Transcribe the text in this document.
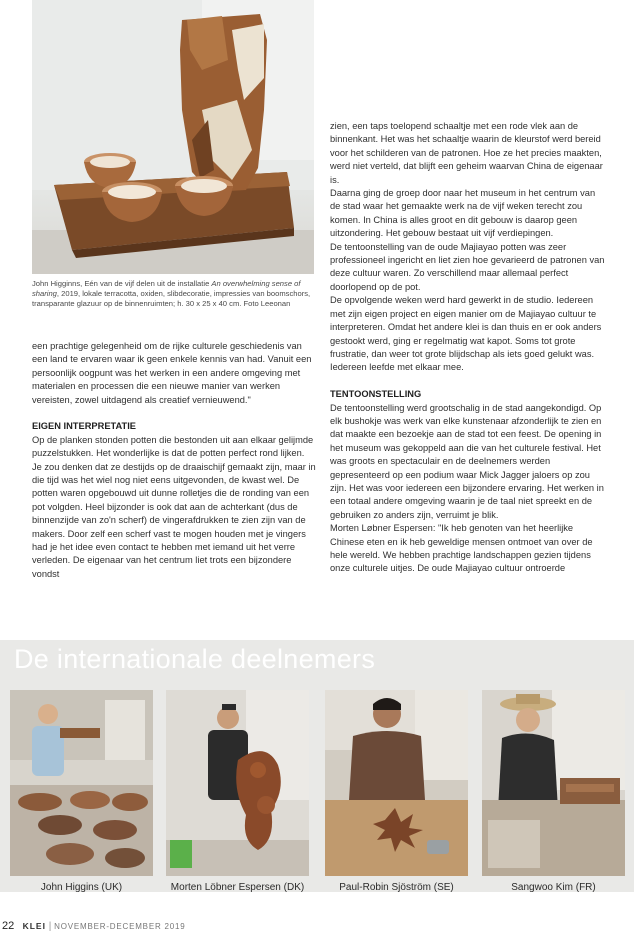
John Higginns, Eén van de vijf delen uit de installatie An overwhelming sense of sharing, 2019, lokale terracotta, oxiden, slibdecoratie, impressies van boomschors, transparante glazuur op de binnenruimten; h. 30 x 25 x 40 cm. Foto Leeonan

een prachtige gelegenheid om de rijke culturele geschiedenis van een land te ervaren waar ik geen enkele kennis van had. Vanuit een persoonlijk oogpunt was het werken in een andere omgeving met materialen en processen die een nieuwe manier van werken vereisten, zowel uitdagend als creatief vernieuwend."

EIGEN INTERPRETATIE

Op de planken stonden potten die bestonden uit aan elkaar gelijmde puzzelstukken. Het wonderlijke is dat de potten perfect rond lijken. Je zou denken dat ze destijds op de draaischijf gemaakt zijn, maar in die tijd was het wiel nog niet eens uitgevonden, de kwast wel. De potten waren opgebouwd uit dunne rolletjes die de ronding van een pot volgden. Heel bijzonder is ook dat aan de achterkant (dus de binnenzijde van zo'n scherf) de vingerafdrukken te zien zijn van de makers. Door zelf een scherf vast te mogen houden met je vingers had je het idee even contact te hebben met iemand uit het verre verleden. De eigenaar van het centrum liet trots een bijzondere vondst

zien, een taps toelopend schaaltje met een rode vlek aan de binnenkant. Het was het schaaltje waarin de kleurstof werd bereid voor het schilderen van de patronen. Hoe ze het precies maakten, werd niet verteld, dat blijft een geheim waarvan China de eigenaar is.

Daarna ging de groep door naar het museum in het centrum van de stad waar het gemaakte werk na de vijf weken terecht zou komen. In China is alles groot en dit gebouw is daarop geen uitzondering. Het gebouw bestaat uit vijf verdiepingen.

De tentoonstelling van de oude Majiayao potten was zeer professioneel ingericht en liet zien hoe gevarieerd de patronen van deze cultuur waren. Zo verschillend maar allemaal perfect doorlopend op de pot.

De opvolgende weken werd hard gewerkt in de studio. Iedereen met zijn eigen project en eigen manier om de Majiayao cultuur te interpreteren. Omdat het andere klei is dan thuis en er ook anders gestookt werd, ging er regelmatig wat kapot. Soms tot grote frustratie, dan weer tot grote blijdschap als iets goed gelukt was. Iedereen leefde met elkaar mee.

TENTOONSTELLING

De tentoonstelling werd grootschalig in de stad aangekondigd. Op elk bushokje was werk van elke kunstenaar afzonderlijk te zien en dat maakte een bezoekje aan de stad tot een feest. De opening in het museum was gekoppeld aan die van het culturele festival. Het was groots en spectaculair en de deelnemers werden gepresenteerd op een podium waar Mick Jagger jaloers op zou zijn. Het was voor iedereen een bijzondere ervaring. Het werken in een totaal andere omgeving waarin je de taal niet spreekt en de gebruiken zo anders zijn, verruimt je blik.

Morten Løbner Espersen: "Ik heb genoten van het heerlijke Chinese eten en ik heb geweldige mensen ontmoet van over de hele wereld. We hebben prachtige landschappen gezien tijdens onze culturele uitjes. De oude Majiayao cultuur ontroerde

De internationale deelnemers
John Higgins (UK)	Morten Löbner Espersen (DK)	Paul-Robin Sjöström (SE)	Sangwoo Kim (FR)
22 KLEI | NOVEMBER-DECEMBER 2019
